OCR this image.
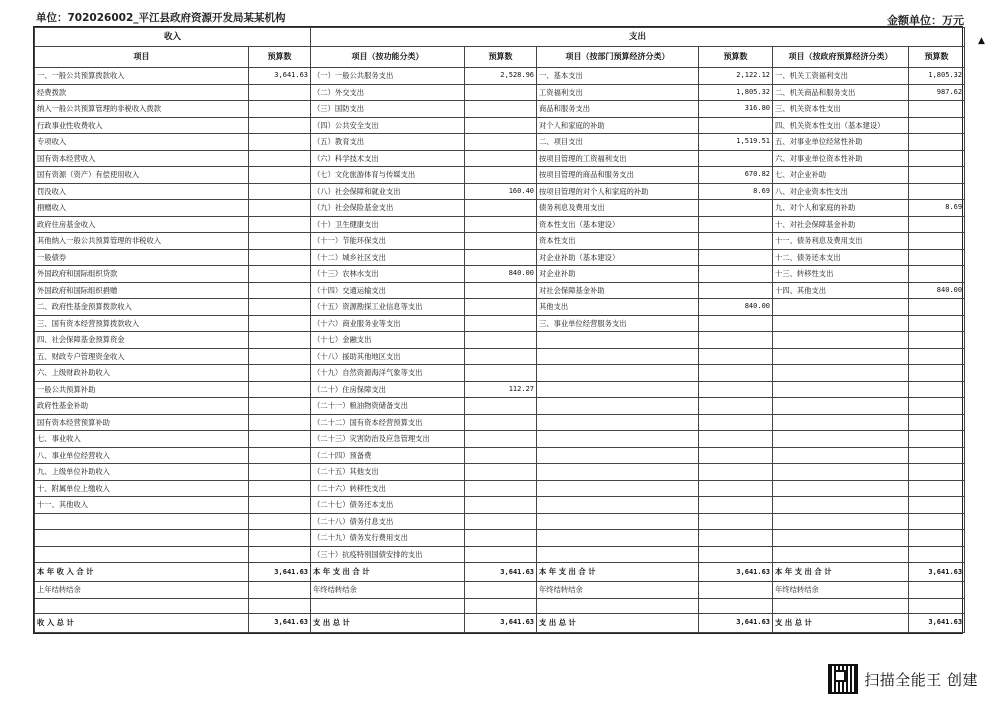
单位：702026002_平江县政府资源开发局某某机构	金额单位：万元
▲
收入		支出					
项目	预算数	项目（按功能分类）	预算数	项目（按部门预算经济分类）	预算数	项目（按政府预算经济分类）	预算数
一、一般公共预算拨款收入	3,641.63	（一）一般公共服务支出	2,528.96	一、基本支出	2,122.12	一、机关工资福利支出	1,805.32
经费拨款		（二）外交支出		工资福利支出	1,805.32	二、机关商品和服务支出	987.62
纳入一般公共预算管理的非税收入拨款		（三）国防支出		商品和服务支出	316.80	三、机关资本性支出	
行政事业性收费收入		（四）公共安全支出		对个人和家庭的补助		四、机关资本性支出（基本建设）	
专项收入		（五）教育支出		二、项目支出	1,519.51	五、对事业单位经常性补助	
国有资本经营收入		（六）科学技术支出		按项目管理的工资福利支出		六、对事业单位资本性补助	
国有资源（资产）有偿使用收入		（七）文化旅游体育与传媒支出		按项目管理的商品和服务支出	670.82	七、对企业补助	
罚没收入		（八）社会保障和就业支出	160.40	按项目管理的对个人和家庭的补助	8.69	八、对企业资本性支出	
捐赠收入		（九）社会保险基金支出		债务利息及费用支出		九、对个人和家庭的补助	8.69
政府住房基金收入		（十）卫生健康支出		资本性支出（基本建设）		十、对社会保障基金补助	
其他纳入一般公共预算管理的非税收入		（十一）节能环保支出		资本性支出		十一、债务利息及费用支出	
一般债券		（十二）城乡社区支出		对企业补助（基本建设）		十二、债务还本支出	
外国政府和国际组织贷款		（十三）农林水支出	840.00	对企业补助		十三、转移性支出	
外国政府和国际组织捐赠		（十四）交通运输支出		对社会保障基金补助		十四、其他支出	840.00
二、政府性基金预算拨款收入		（十五）资源勘探工业信息等支出		其他支出	840.00		
三、国有资本经营预算拨款收入		（十六）商业服务业等支出		三、事业单位经营服务支出			
四、社会保障基金预算资金		（十七）金融支出					
五、财政专户管理资金收入		（十八）援助其他地区支出					
六、上级财政补助收入		（十九）自然资源海洋气象等支出					
一般公共预算补助		（二十）住房保障支出	112.27				
政府性基金补助		（二十一）粮油物资储备支出					
国有资本经营预算补助		（二十二）国有资本经营预算支出					
七、事业收入		（二十三）灾害防治及应急管理支出					
八、事业单位经营收入		（二十四）预备费					
九、上级单位补助收入		（二十五）其他支出					
十、附属单位上缴收入		（二十六）转移性支出					
十一、其他收入		（二十七）债务还本支出					
		（二十八）债务付息支出					
		（二十九）债务发行费用支出					
		（三十）抗疫特别国债安排的支出					
本 年 收 入 合 计	3,641.63	本 年 支 出 合 计	3,641.63	本 年 支 出 合 计	3,641.63	本 年 支 出 合 计	3,641.63
上年结转结余		年终结转结余		年终结转结余		年终结转结余	

收 入 总 计	3,641.63	支 出 总 计	3,641.63	支 出 总 计	3,641.63	支 出 总 计	3,641.63
扫描全能王 创建
